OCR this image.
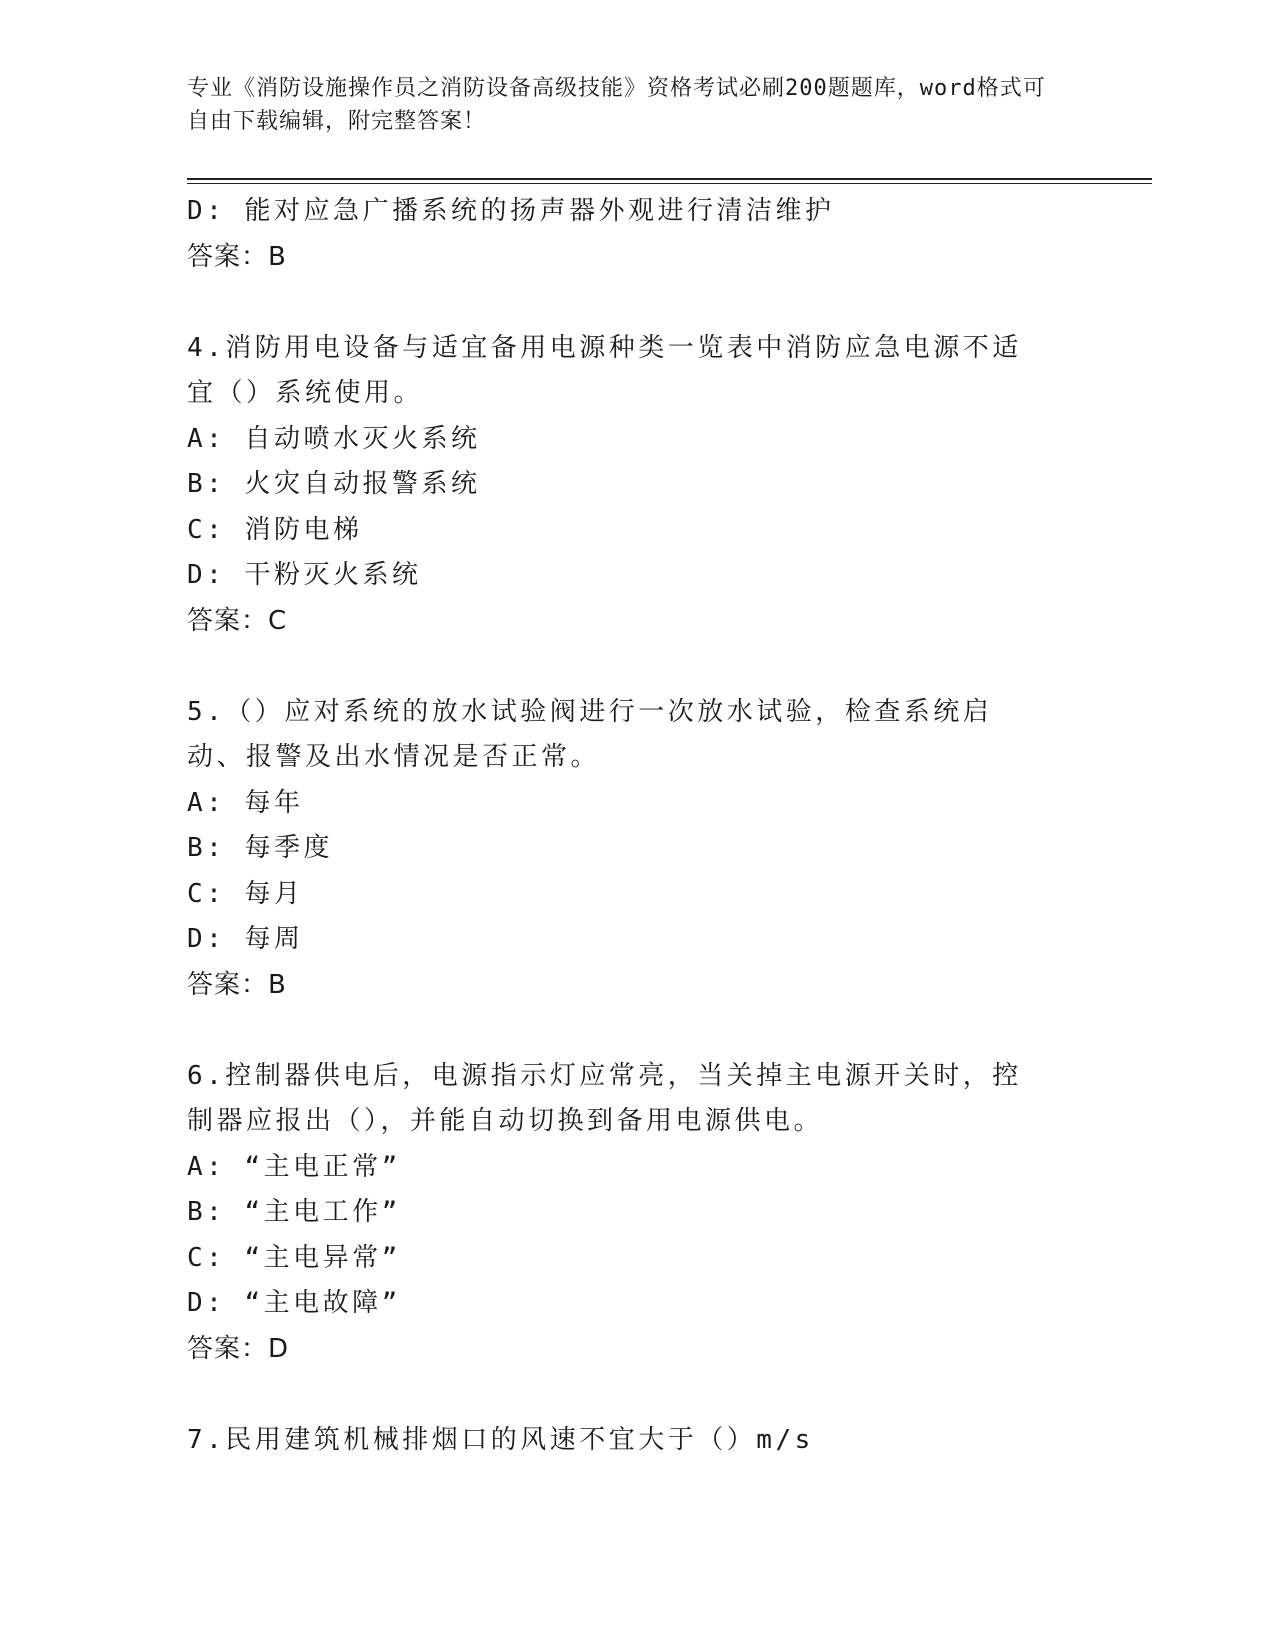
专业《消防设施操作员之消防设备高级技能》资格考试必刷200题题库，word格式可自由下载编辑，附完整答案！
D: 能对应急广播系统的扬声器外观进行清洁维护
答案：B
4.消防用电设备与适宜备用电源种类一览表中消防应急电源不适宜（）系统使用。
A: 自动喷水灭火系统
B: 火灾自动报警系统
C: 消防电梯
D: 干粉灭火系统
答案：C
5.（）应对系统的放水试验阀进行一次放水试验，检查系统启动、报警及出水情况是否正常。
A: 每年
B: 每季度
C: 每月
D: 每周
答案：B
6.控制器供电后，电源指示灯应常亮，当关掉主电源开关时，控制器应报出（），并能自动切换到备用电源供电。
A: “主电正常”
B: “主电工作”
C: “主电异常”
D: “主电故障”
答案：D
7.民用建筑机械排烟口的风速不宜大于（）m/s
